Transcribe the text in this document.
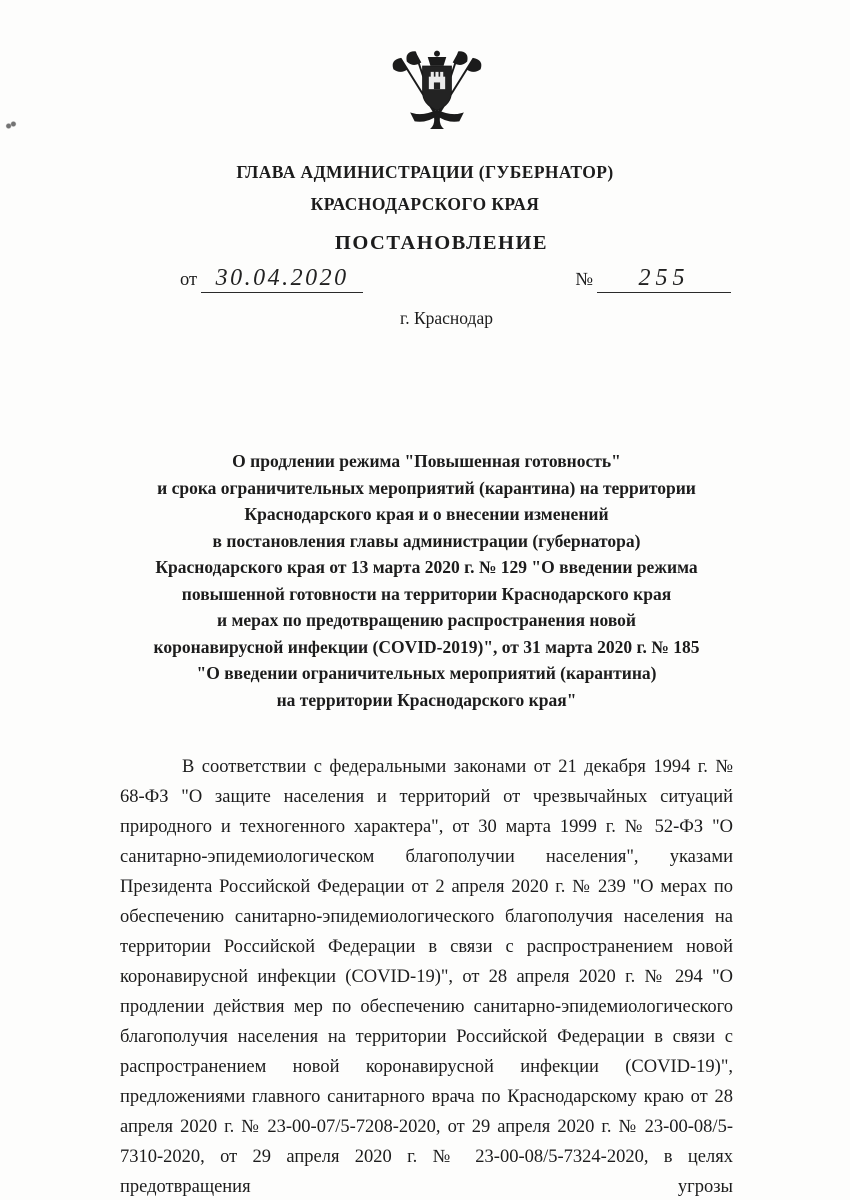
ГЛАВА АДМИНИСТРАЦИИ (ГУБЕРНАТОР)
КРАСНОДАРСКОГО КРАЯ
ПОСТАНОВЛЕНИЕ
от 30.04.2020	№	255
г. Краснодар
О продлении режима "Повышенная готовность"
и срока ограничительных мероприятий (карантина) на территории
Краснодарского края и о внесении изменений
в постановления главы администрации (губернатора)
Краснодарского края от 13 марта 2020 г. № 129 "О введении режима
повышенной готовности на территории Краснодарского края
и мерах по предотвращению распространения новой
коронавирусной инфекции (COVID-2019)", от 31 марта 2020 г. № 185
"О введении ограничительных мероприятий (карантина)
на территории Краснодарского края"

В соответствии с федеральными законами от 21 декабря 1994 г. № 68-ФЗ "О защите населения и территорий от чрезвычайных ситуаций природного и техногенного характера", от 30 марта 1999 г. № 52-ФЗ "О санитарно-эпидемиологическом благополучии населения", указами Президента Российской Федерации от 2 апреля 2020 г. № 239 "О мерах по обеспечению санитарно-эпидемиологического благополучия населения на территории Российской Федерации в связи с распространением новой коронавирусной инфекции (COVID-19)", от 28 апреля 2020 г. № 294 "О продлении действия мер по обеспечению санитарно-эпидемиологического благополучия населения на территории Российской Федерации в связи с распространением новой коронавирусной инфекции (COVID-19)", предложениями главного санитарного врача по Краснодарскому краю от 28 апреля 2020 г. № 23-00-07/5-7208-2020, от 29 апреля 2020 г. № 23-00-08/5-7310-2020, от 29 апреля 2020 г. № 23-00-08/5-7324-2020, в целях предотвращения угрозы
